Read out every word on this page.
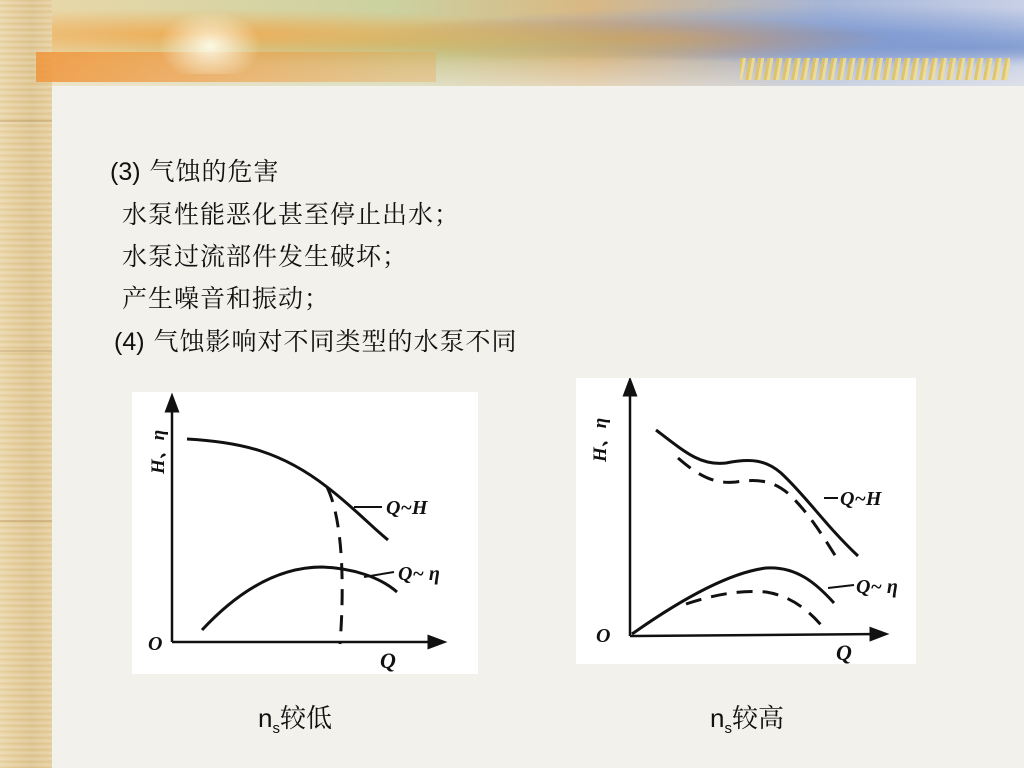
(3) 气蚀的危害
水泵性能恶化甚至停止出水；
水泵过流部件发生破坏；
产生噪音和振动；
(4) 气蚀影响对不同类型的水泵不同
Q~H
Q~ η
O
Q
H、η
Q~H
Q~ η
O
Q
H、η
$n_s$较低	$n_s$较高
